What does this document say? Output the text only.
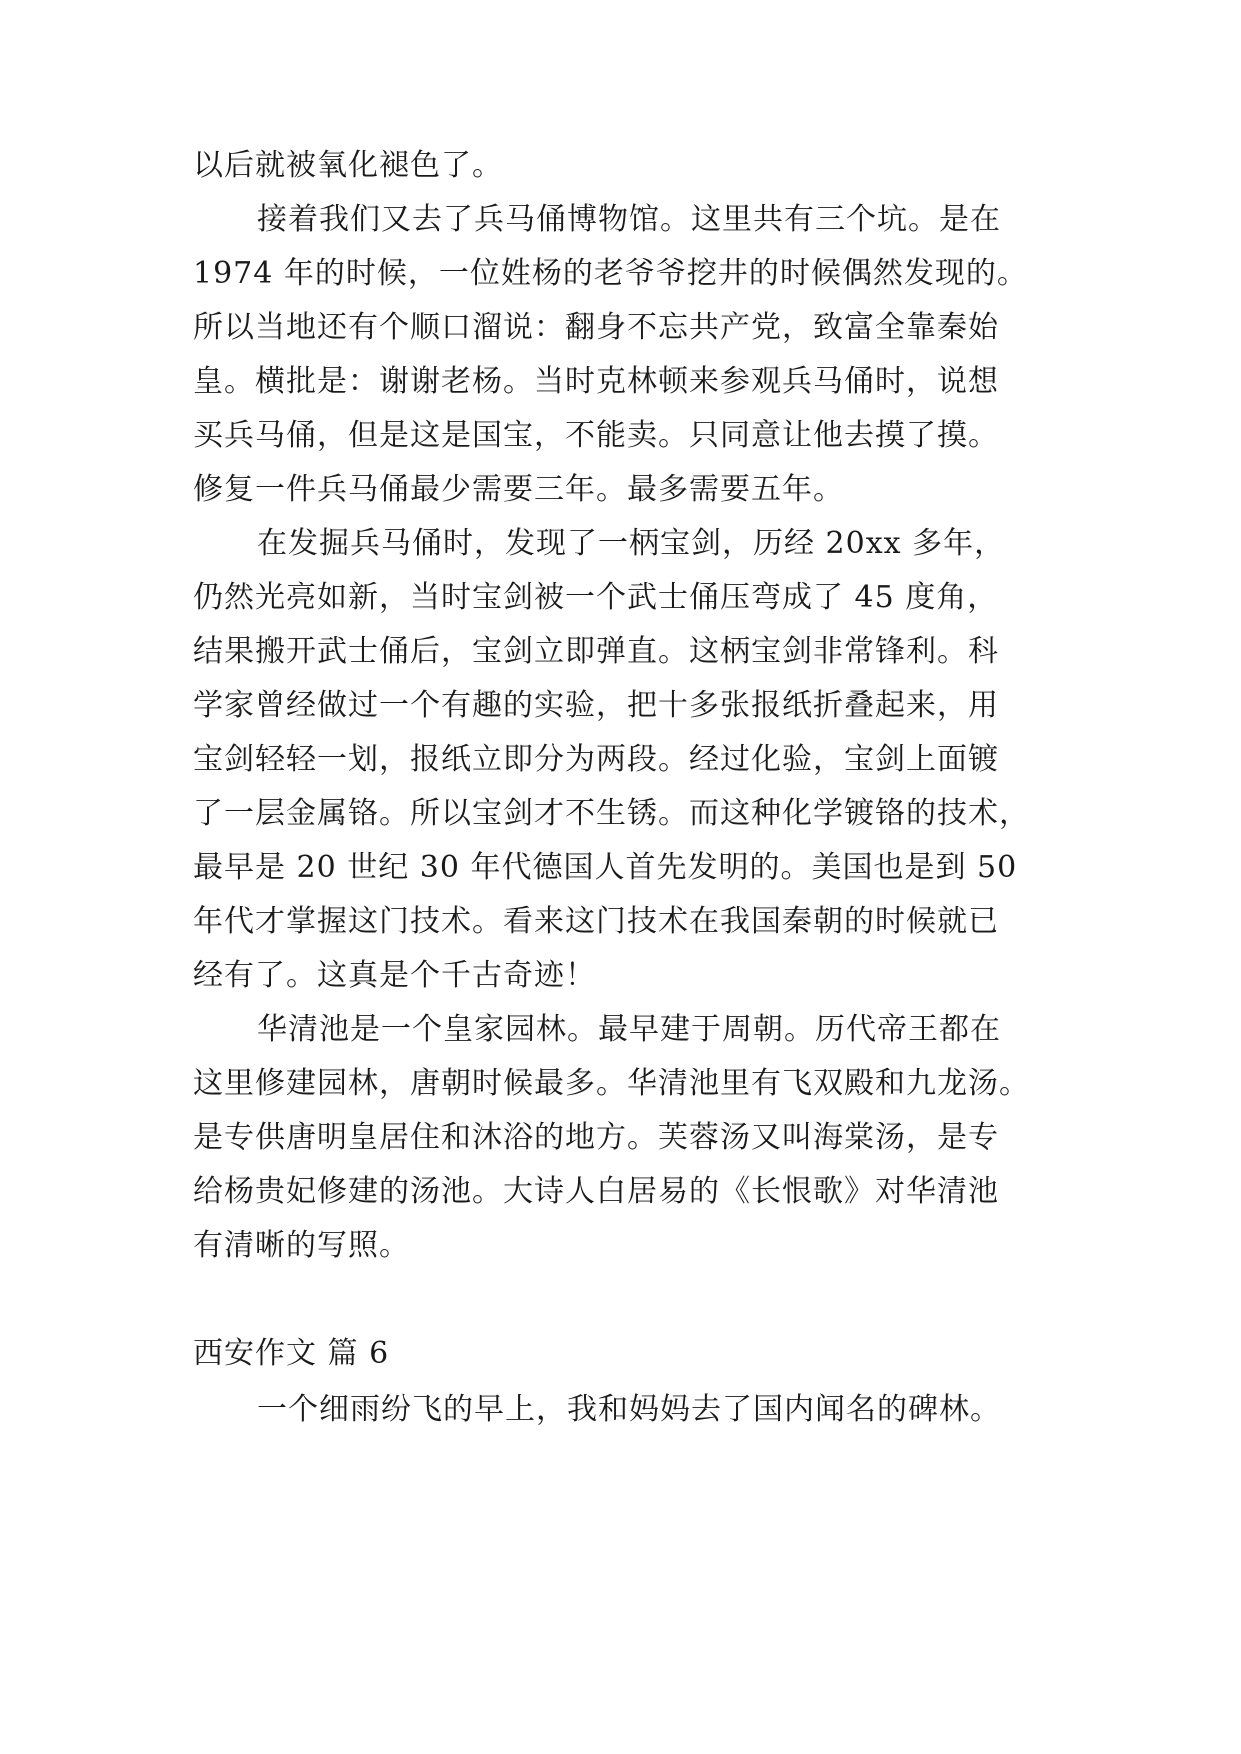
以后就被氧化褪色了。
接着我们又去了兵马俑博物馆。这里共有三个坑。是在
1974 年的时候，一位姓杨的老爷爷挖井的时候偶然发现的。
所以当地还有个顺口溜说：翻身不忘共产党，致富全靠秦始
皇。横批是：谢谢老杨。当时克林顿来参观兵马俑时，说想
买兵马俑，但是这是国宝，不能卖。只同意让他去摸了摸。
修复一件兵马俑最少需要三年。最多需要五年。
在发掘兵马俑时，发现了一柄宝剑，历经 20xx 多年，
仍然光亮如新，当时宝剑被一个武士俑压弯成了 45 度角，
结果搬开武士俑后，宝剑立即弹直。这柄宝剑非常锋利。科
学家曾经做过一个有趣的实验，把十多张报纸折叠起来，用
宝剑轻轻一划，报纸立即分为两段。经过化验，宝剑上面镀
了一层金属铬。所以宝剑才不生锈。而这种化学镀铬的技术，
最早是 20 世纪 30 年代德国人首先发明的。美国也是到 50
年代才掌握这门技术。看来这门技术在我国秦朝的时候就已
经有了。这真是个千古奇迹！
华清池是一个皇家园林。最早建于周朝。历代帝王都在
这里修建园林，唐朝时候最多。华清池里有飞双殿和九龙汤。
是专供唐明皇居住和沐浴的地方。芙蓉汤又叫海棠汤，是专
给杨贵妃修建的汤池。大诗人白居易的《长恨歌》对华清池
有清晰的写照。
西安作文 篇 6
一个细雨纷飞的早上，我和妈妈去了国内闻名的碑林。
